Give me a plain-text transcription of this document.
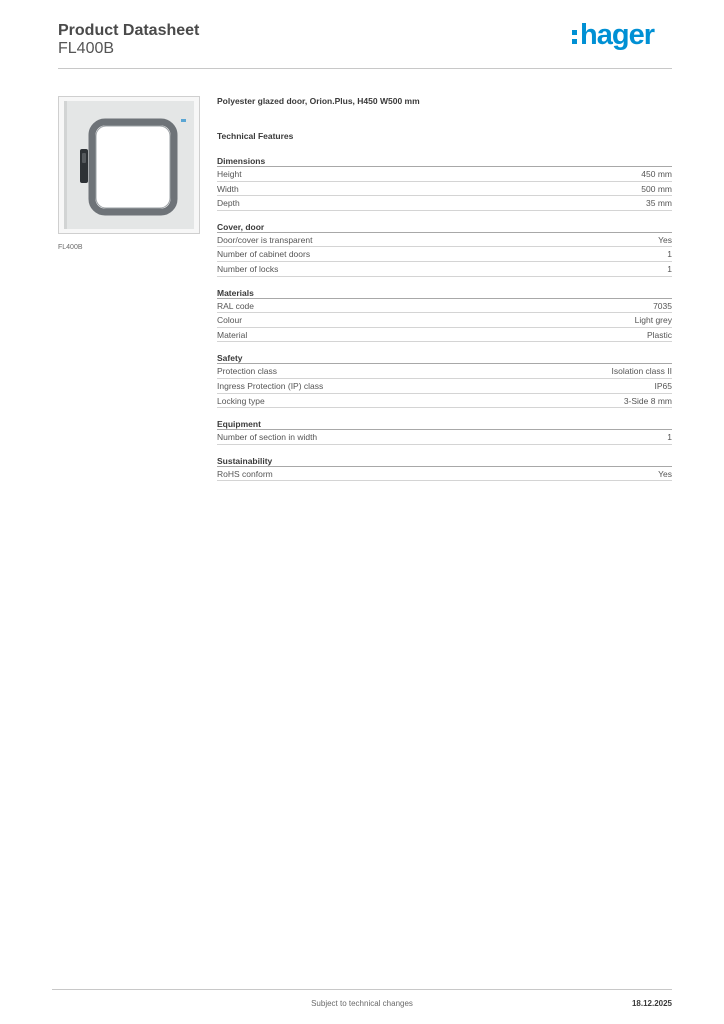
Product Datasheet
FL400B	hager
FL400B
Polyester glazed door, Orion.Plus, H450 W500 mm
Technical Features
Dimensions
Height	450 mm
Width	500 mm
Depth	35 mm
Cover, door
Door/cover is transparent	Yes
Number of cabinet doors	1
Number of locks	1
Materials
RAL code	7035
Colour	Light grey
Material	Plastic
Safety
Protection class	Isolation class II
Ingress Protection (IP) class	IP65
Locking type	3-Side 8 mm
Equipment
Number of section in width	1
Sustainability
RoHS conform	Yes
Subject to technical changes	18.12.2025
